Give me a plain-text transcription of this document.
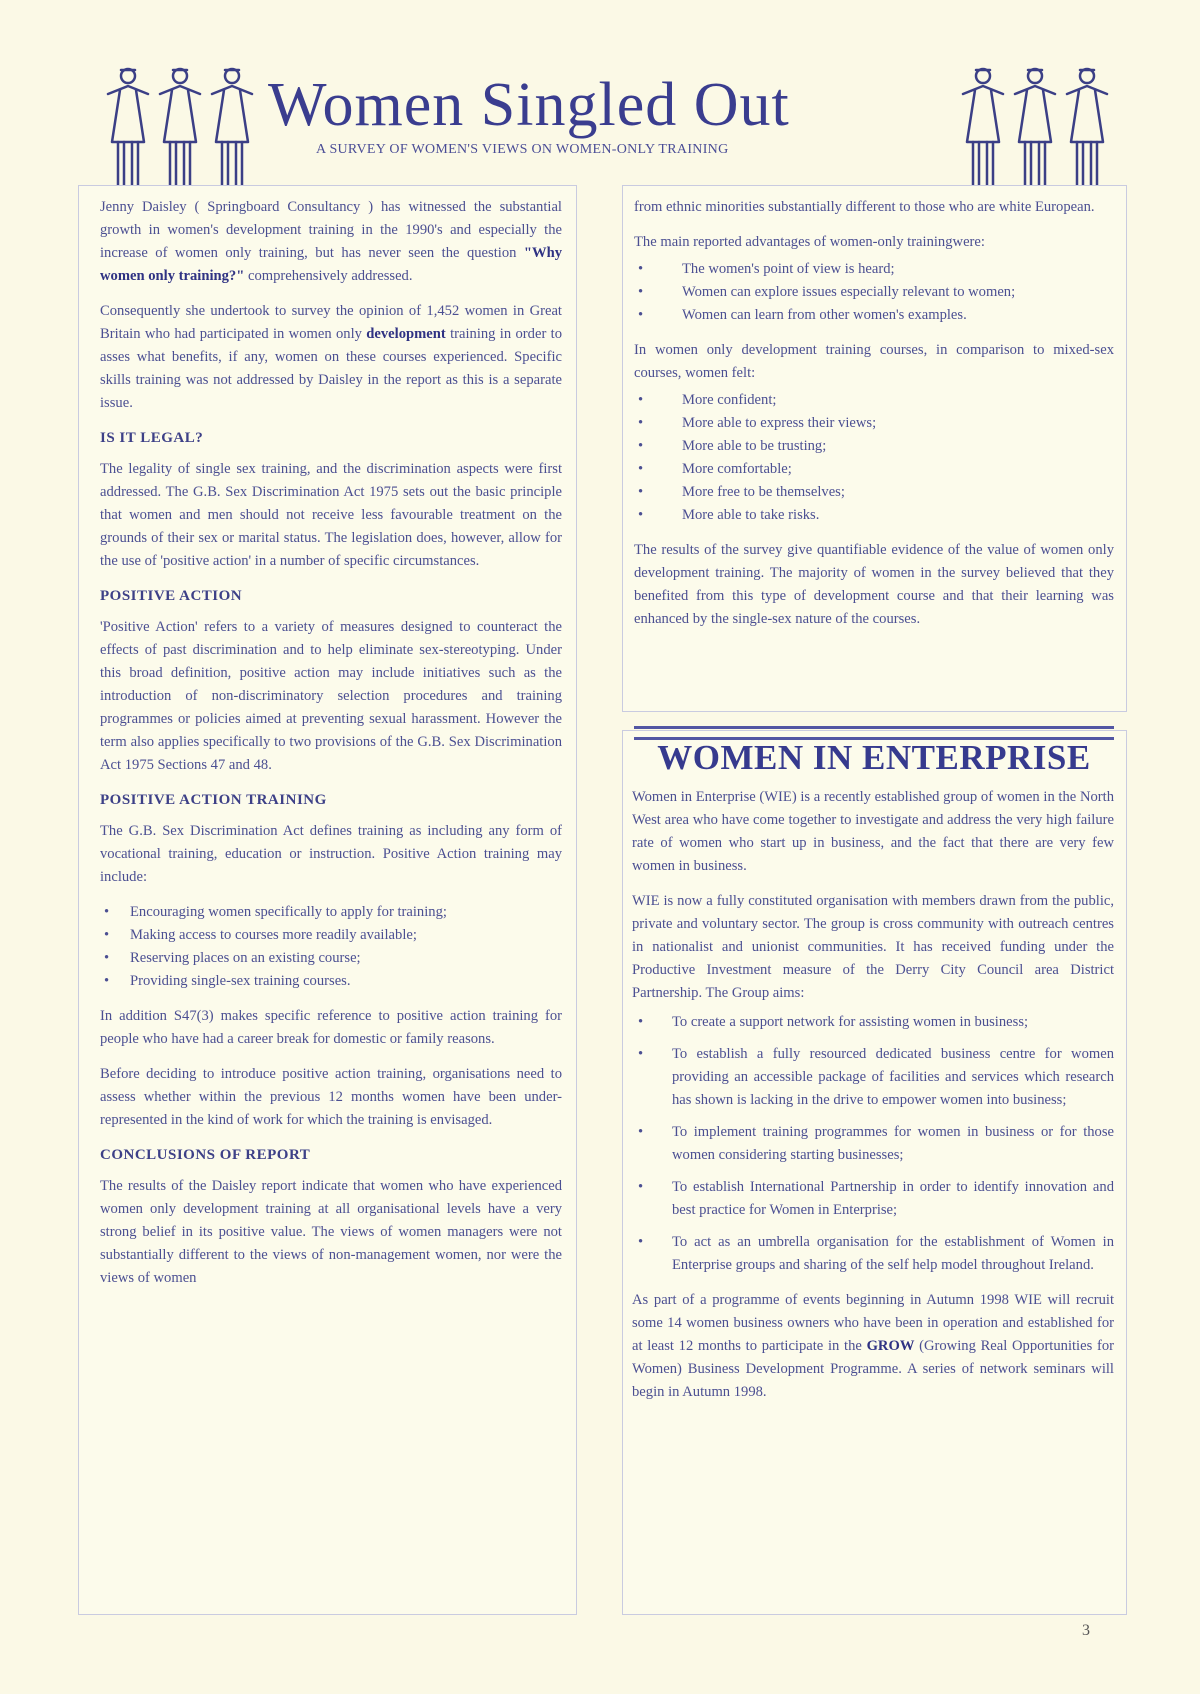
Women Singled Out
A SURVEY OF WOMEN'S VIEWS ON WOMEN-ONLY TRAINING

Jenny Daisley ( Springboard Consultancy ) has witnessed the substantial growth in women's development training in the 1990's and especially the increase of women only training, but has never seen the question "Why women only training?" comprehensively addressed.

Consequently she undertook to survey the opinion of 1,452 women in Great Britain who had participated in women only development training in order to asses what benefits, if any, women on these courses experienced. Specific skills training was not addressed by Daisley in the report as this is a separate issue.

IS IT LEGAL?

The legality of single sex training, and the discrimination aspects were first addressed. The G.B. Sex Discrimination Act 1975 sets out the basic principle that women and men should not receive less favourable treatment on the grounds of their sex or marital status. The legislation does, however, allow for the use of 'positive action' in a number of specific circumstances.

POSITIVE ACTION

'Positive Action' refers to a variety of measures designed to counteract the effects of past discrimination and to help eliminate sex-stereotyping. Under this broad definition, positive action may include initiatives such as the introduction of non-discriminatory selection procedures and training programmes or policies aimed at preventing sexual harassment. However the term also applies specifically to two provisions of the G.B. Sex Discrimination Act 1975 Sections 47 and 48.

POSITIVE ACTION TRAINING

The G.B. Sex Discrimination Act defines training as including any form of vocational training, education or instruction. Positive Action training may include:

• Encouraging women specifically to apply for training;
• Making access to courses more readily available;
• Reserving places on an existing course;
• Providing single-sex training courses.

In addition S47(3) makes specific reference to positive action training for people who have had a career break for domestic or family reasons.

Before deciding to introduce positive action training, organisations need to assess whether within the previous 12 months women have been under-represented in the kind of work for which the training is envisaged.

CONCLUSIONS OF REPORT

The results of the Daisley report indicate that women who have experienced women only development training at all organisational levels have a very strong belief in its positive value. The views of women managers were not substantially different to the views of non-management women, nor were the views of women

from ethnic minorities substantially different to those who are white European.

The main reported advantages of women-only trainingwere:

• The women's point of view is heard;
• Women can explore issues especially relevant to women;
• Women can learn from other women's examples.

In women only development training courses, in comparison to mixed-sex courses, women felt:

• More confident;
• More able to express their views;
• More able to be trusting;
• More comfortable;
• More free to be themselves;
• More able to take risks.

The results of the survey give quantifiable evidence of the value of women only development training. The majority of women in the survey believed that they benefited from this type of development course and that their learning was enhanced by the single-sex nature of the courses.

WOMEN IN ENTERPRISE

Women in Enterprise (WIE) is a recently established group of women in the North West area who have come together to investigate and address the very high failure rate of women who start up in business, and the fact that there are very few women in business.

WIE is now a fully constituted organisation with members drawn from the public, private and voluntary sector. The group is cross community with outreach centres in nationalist and unionist communities. It has received funding under the Productive Investment measure of the Derry City Council area District Partnership. The Group aims:

• To create a support network for assisting women in business;
• To establish a fully resourced dedicated business centre for women providing an accessible package of facilities and services which research has shown is lacking in the drive to empower women into business;
• To implement training programmes for women in business or for those women considering starting businesses;
• To establish International Partnership in order to identify innovation and best practice for Women in Enterprise;
• To act as an umbrella organisation for the establishment of Women in Enterprise groups and sharing of the self help model throughout Ireland.

As part of a programme of events beginning in Autumn 1998 WIE will recruit some 14 women business owners who have been in operation and established for at least 12 months to participate in the GROW (Growing Real Opportunities for Women) Business Development Programme. A series of network seminars will begin in Autumn 1998.

3
